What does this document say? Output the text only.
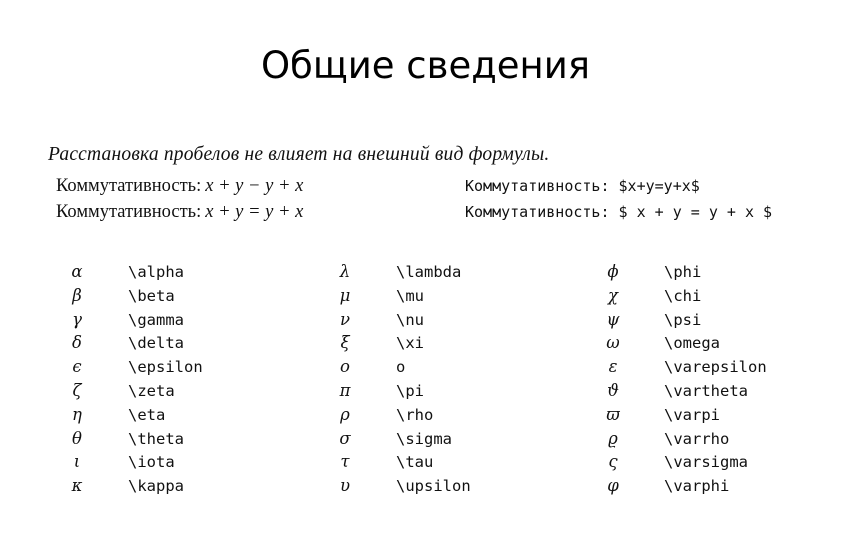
Общие сведения
Расстановка пробелов не влияет на внешний вид формулы.
Коммутативность: x + y − y + x	Коммутативность: $x+y=y+x$
Коммутативность: x + y = y + x	Коммутативность: $ x + y = y + x $
α	\alpha
β	\beta
γ	\gamma
δ	\delta
ϵ	\epsilon
ζ	\zeta
η	\eta
θ	\theta
ι	\iota
κ	\kappa
λ	\lambda
μ	\mu
ν	\nu
ξ	\xi
o	o
π	\pi
ρ	\rho
σ	\sigma
τ	\tau
υ	\upsilon
ϕ	\phi
χ	\chi
ψ	\psi
ω	\omega
ε	\varepsilon
ϑ	\vartheta
ϖ	\varpi
ϱ	\varrho
ς	\varsigma
φ	\varphi
